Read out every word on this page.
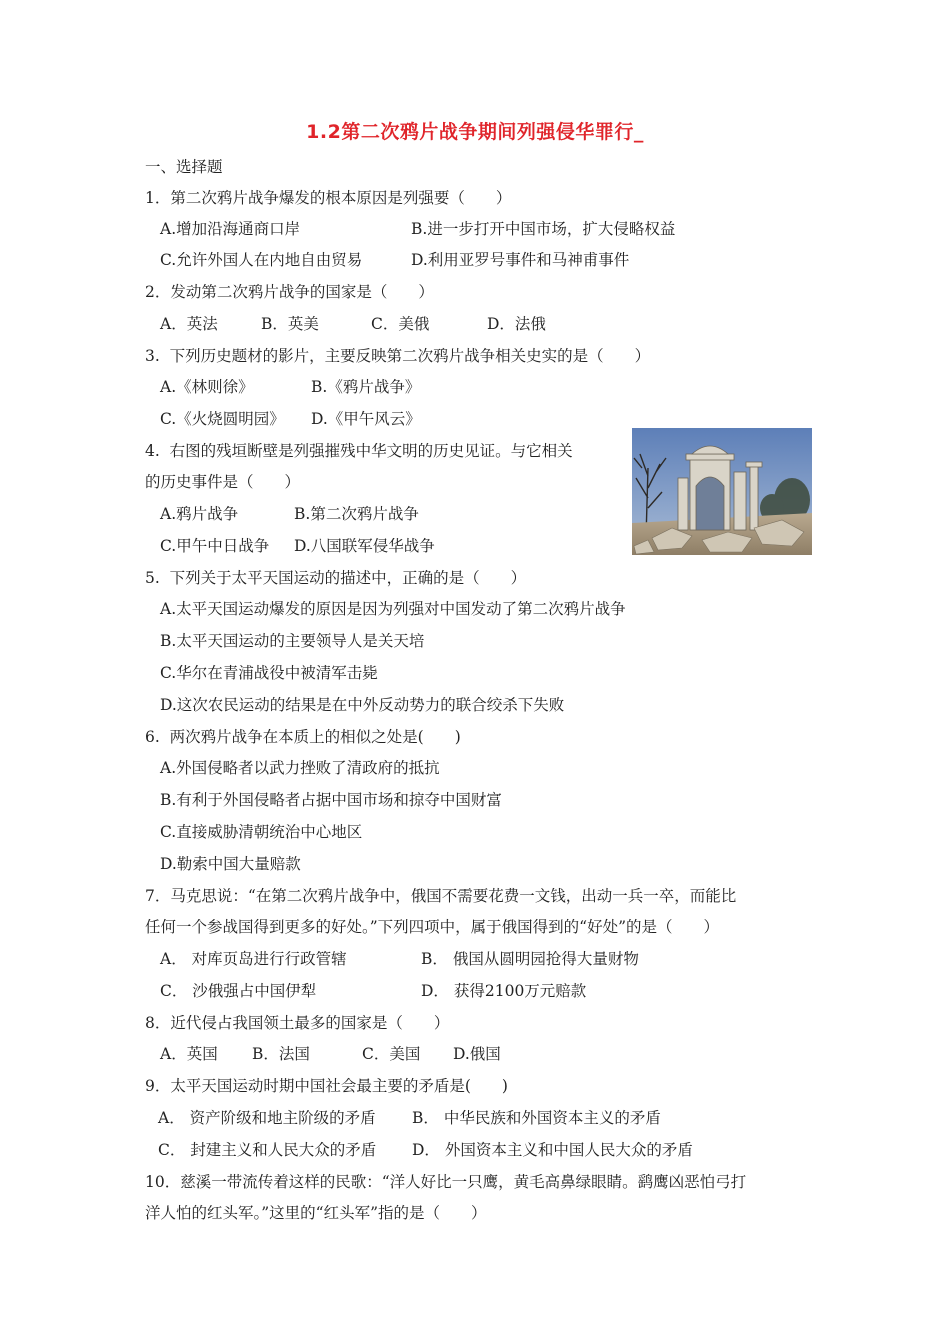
1.2第二次鸦片战争期间列强侵华罪行_
一、选择题
1．第二次鸦片战争爆发的根本原因是列强要（　　）
A.增加沿海通商口岸	B.进一步打开中国市场，扩大侵略权益
C.允许外国人在内地自由贸易	D.利用亚罗号事件和马神甫事件
2．发动第二次鸦片战争的国家是（　　）
A．英法	B．英美	C．美俄	D．法俄
3.  下列历史题材的影片，主要反映第二次鸦片战争相关史实的是（　　）
A.《林则徐》	B.《鸦片战争》
C.《火烧圆明园》 D.《甲午风云》
4.  右图的残垣断壁是列强摧残中华文明的历史见证。与它相关
的历史事件是（　　）
A.鸦片战争	B.第二次鸦片战争
C.甲午中日战争 D.八国联军侵华战争
5.  下列关于太平天国运动的描述中，正确的是（　　）
A.太平天国运动爆发的原因是因为列强对中国发动了第二次鸦片战争
B.太平天国运动的主要领导人是关天培
C.华尔在青浦战役中被清军击毙
D.这次农民运动的结果是在中外反动势力的联合绞杀下失败
6.  两次鸦片战争在本质上的相似之处是(　　)
A.外国侵略者以武力挫败了清政府的抵抗
B.有利于外国侵略者占据中国市场和掠夺中国财富
C.直接威胁清朝统治中心地区
D.勒索中国大量赔款
7．马克思说：“在第二次鸦片战争中，俄国不需要花费一文钱，出动一兵一卒，而能比
任何一个参战国得到更多的好处。”下列四项中，属于俄国得到的“好处”的是（　　）
A． 对库页岛进行行政管辖	B． 俄国从圆明园抢得大量财物
C． 沙俄强占中国伊犁	D． 获得2100万元赔款
8．近代侵占我国领土最多的国家是（　　）
A．英国 B．法国	C．美国 D.俄国
9．太平天国运动时期中国社会最主要的矛盾是(　　)
A． 资产阶级和地主阶级的矛盾 B． 中华民族和外国资本主义的矛盾
C． 封建主义和人民大众的矛盾 D． 外国资本主义和中国人民大众的矛盾
10．慈溪一带流传着这样的民歌：“洋人好比一只鹰，黄毛高鼻绿眼睛。鹞鹰凶恶怕弓打
洋人怕的红头军。”这里的“红头军”指的是（　　）
